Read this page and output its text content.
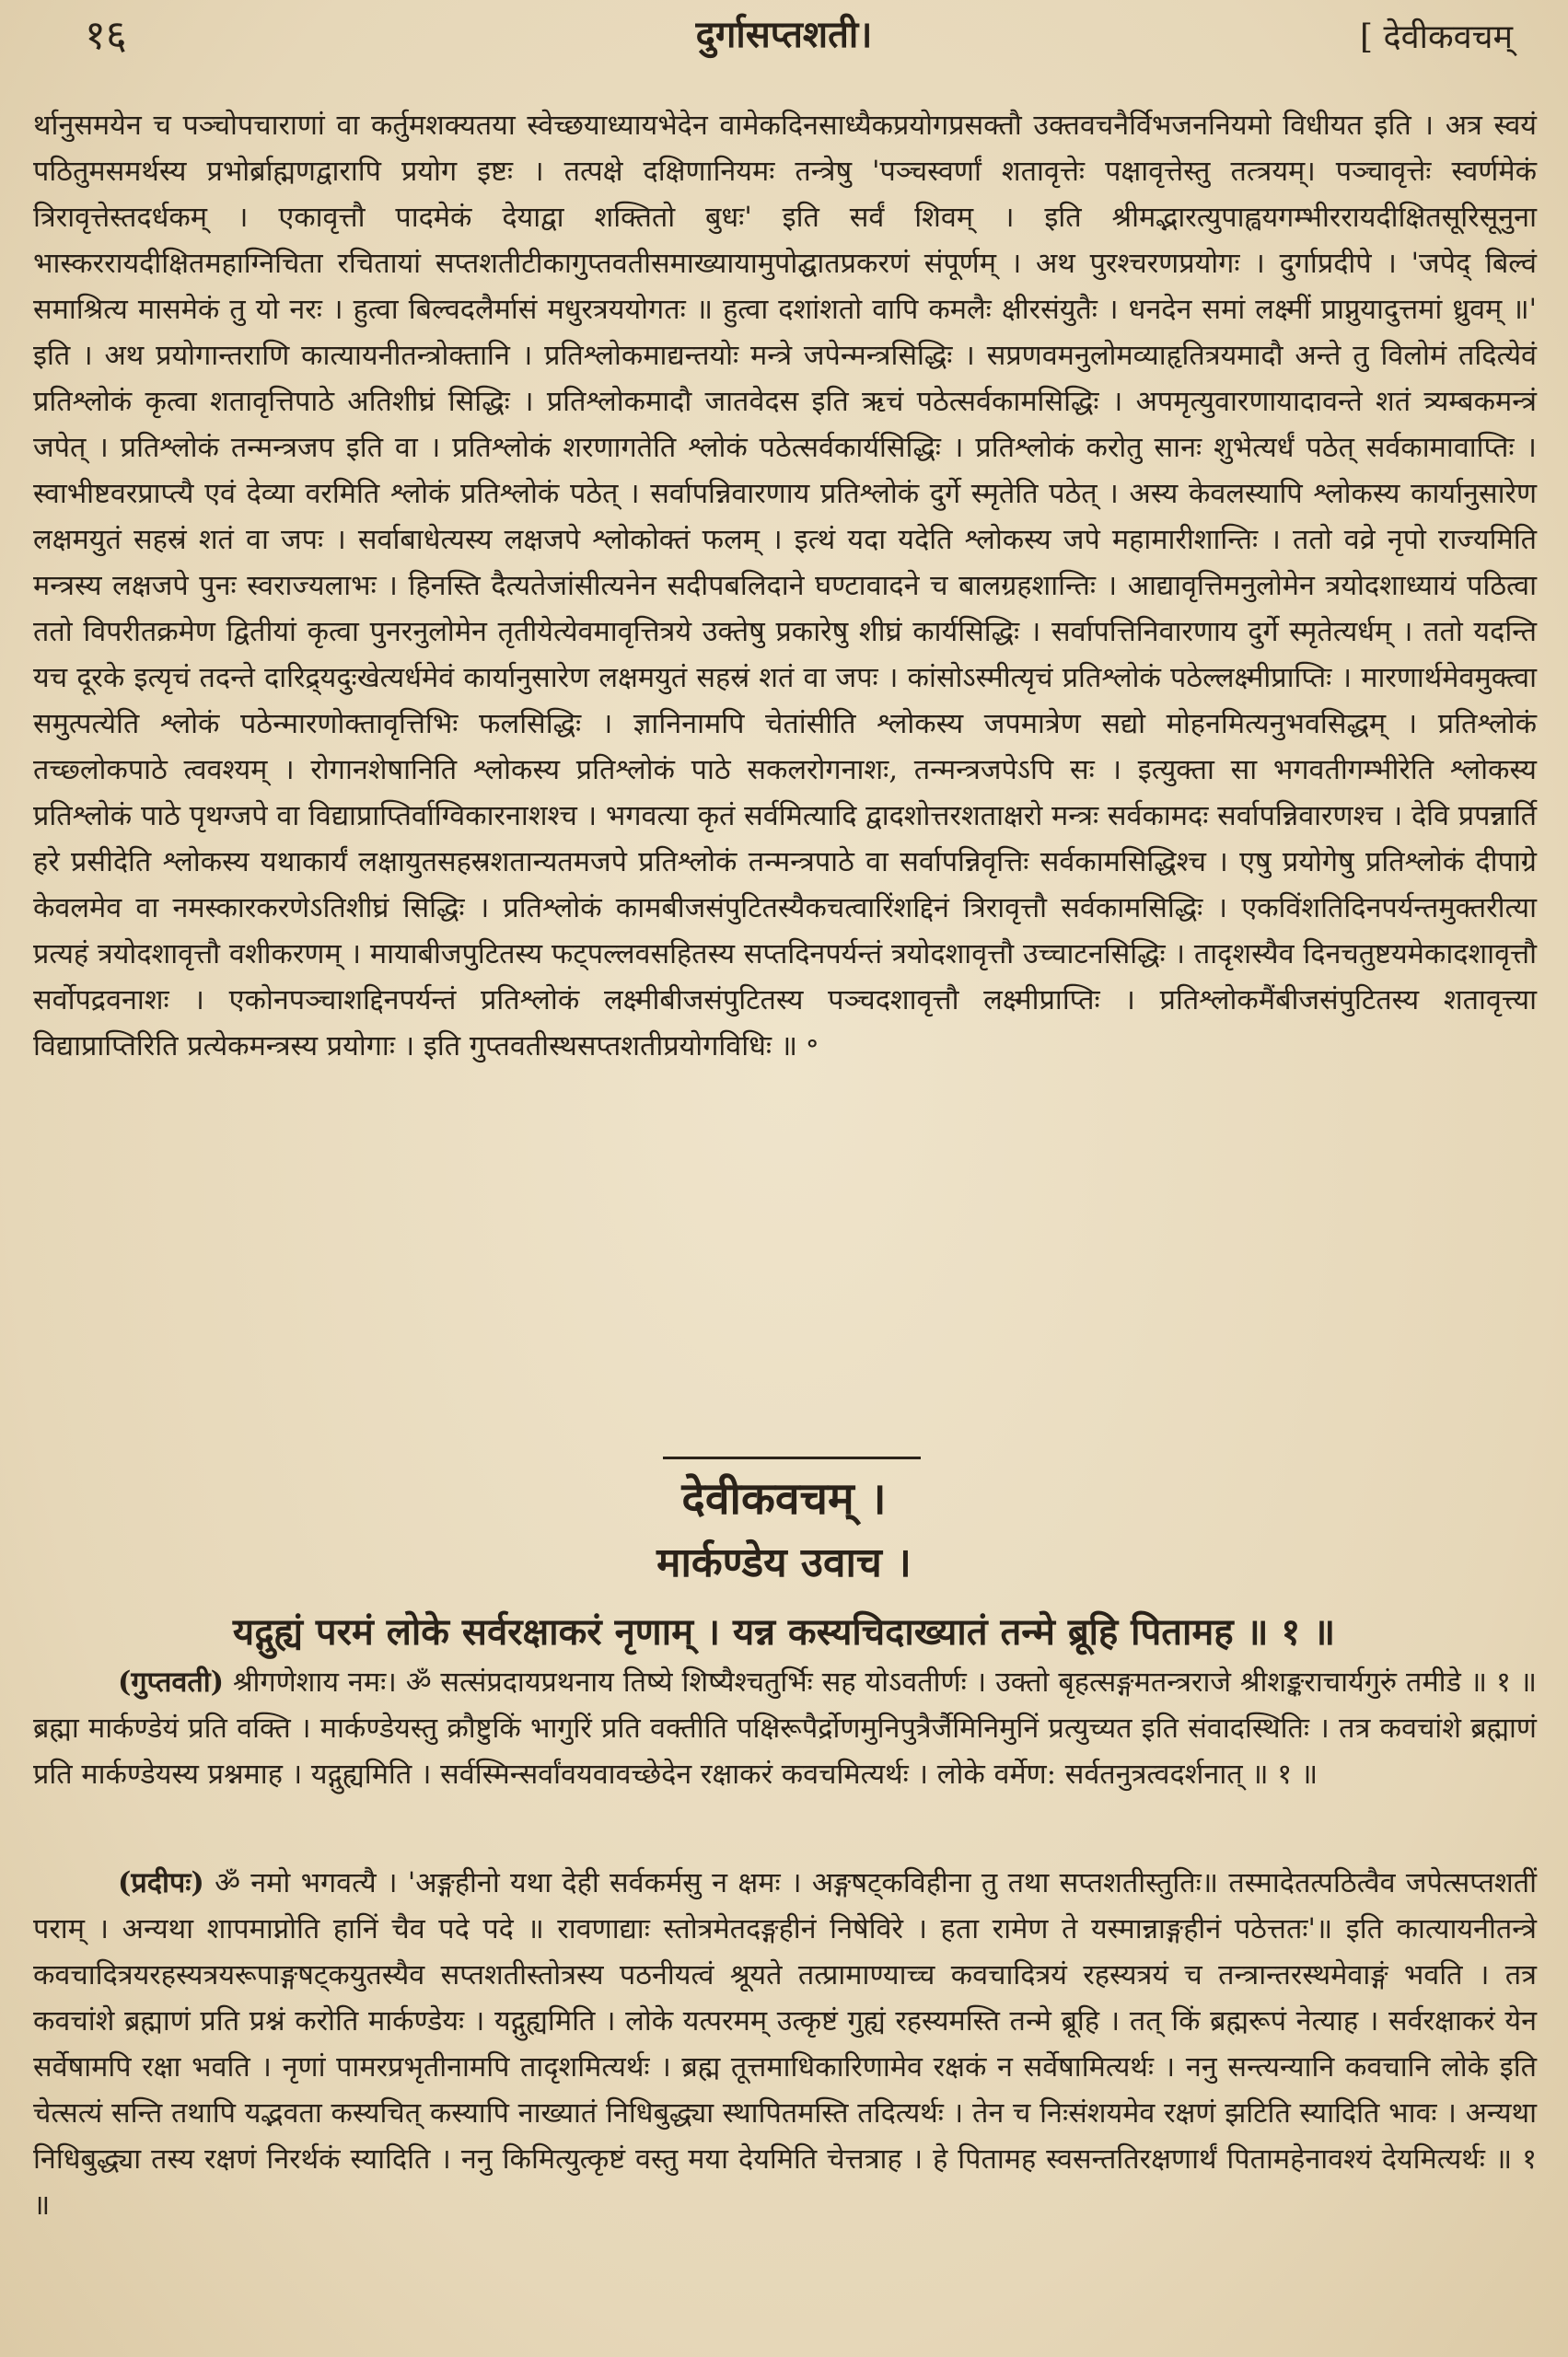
१६	दुर्गासप्तशती।	[ देवीकवचम्

र्थानुसमयेन च पञ्चोपचाराणां वा कर्तुमशक्यतया स्वेच्छयाध्यायभेदेन वामेकदिनसाध्यैकप्रयोगप्रसक्तौ उक्तवचनैर्विभजननियमो विधीयत इति । अत्र स्वयं पठितुमसमर्थस्य प्रभोर्ब्राह्मणद्वारापि प्रयोग इष्टः । तत्पक्षे दक्षिणानियमः तन्त्रेषु 'पञ्चस्वर्णां शतावृत्तेः पक्षावृत्तेस्तु तत्त्रयम्। पञ्चावृत्तेः स्वर्णमेकं त्रिरावृत्तेस्तदर्धकम् । एकावृत्तौ पादमेकं देयाद्वा शक्तितो बुधः' इति सर्वं शिवम् । इति श्रीमद्भारत्युपाह्वयगम्भीररायदीक्षितसूरिसूनुना भास्कररायदीक्षितमहाग्निचिता रचितायां सप्तशतीटीकागुप्तवतीसमाख्यायामुपोद्घातप्रकरणं संपूर्णम् । अथ पुरश्चरणप्रयोगः । दुर्गाप्रदीपे । 'जपेद् बिल्वं समाश्रित्य मासमेकं तु यो नरः । हुत्वा बिल्वदलैर्मासं मधुरत्रययोगतः ॥ हुत्वा दशांशतो वापि कमलैः क्षीरसंयुतैः । धनदेन समां लक्ष्मीं प्राप्नुयादुत्तमां ध्रुवम् ॥' इति । अथ प्रयोगान्तराणि कात्यायनीतन्त्रोक्तानि । प्रतिश्लोकमाद्यन्तयोः मन्त्रे जपेन्मन्त्रसिद्धिः । सप्रणवमनुलोमव्याहृतित्रयमादौ अन्ते तु विलोमं तदित्येवं प्रतिश्लोकं कृत्वा शतावृत्तिपाठे अतिशीघ्रं सिद्धिः । प्रतिश्लोकमादौ जातवेदस इति ऋचं पठेत्सर्वकामसिद्धिः । अपमृत्युवारणायादावन्ते शतं त्र्यम्बकमन्त्रं जपेत् । प्रतिश्लोकं तन्मन्त्रजप इति वा । प्रतिश्लोकं शरणागतेति श्लोकं पठेत्सर्वकार्यसिद्धिः । प्रतिश्लोकं करोतु सानः शुभेत्यर्धं पठेत् सर्वकामावाप्तिः । स्वाभीष्टवरप्राप्त्यै एवं देव्या वरमिति श्लोकं प्रतिश्लोकं पठेत् । सर्वापन्निवारणाय प्रतिश्लोकं दुर्गे स्मृतेति पठेत् । अस्य केवलस्यापि श्लोकस्य कार्यानुसारेण लक्षमयुतं सहस्रं शतं वा जपः । सर्वाबाधेत्यस्य लक्षजपे श्लोकोक्तं फलम् । इत्थं यदा यदेति श्लोकस्य जपे महामारीशान्तिः । ततो वव्रे नृपो राज्यमिति मन्त्रस्य लक्षजपे पुनः स्वराज्यलाभः । हिनस्ति दैत्यतेजांसीत्यनेन सदीपबलिदाने घण्टावादने च बालग्रहशान्तिः । आद्यावृत्तिमनुलोमेन त्रयोदशाध्यायं पठित्वा ततो विपरीतक्रमेण द्वितीयां कृत्वा पुनरनुलोमेन तृतीयेत्येवमावृत्तित्रये उक्तेषु प्रकारेषु शीघ्रं कार्यसिद्धिः । सर्वापत्तिनिवारणाय दुर्गे स्मृतेत्यर्धम् । ततो यदन्ति यच दूरके इत्यृचं तदन्ते दारिद्र्यदुःखेत्यर्धमेवं कार्यानुसारेण लक्षमयुतं सहस्रं शतं वा जपः । कांसोऽस्मीत्यृचं प्रतिश्लोकं पठेल्लक्ष्मीप्राप्तिः । मारणार्थमेवमुक्त्वा समुत्पत्येति श्लोकं पठेन्मारणोक्तावृत्तिभिः फलसिद्धिः । ज्ञानिनामपि चेतांसीति श्लोकस्य जपमात्रेण सद्यो मोहनमित्यनुभवसिद्धम् । प्रतिश्लोकं तच्छ्लोकपाठे त्ववश्यम् । रोगानशेषानिति श्लोकस्य प्रतिश्लोकं पाठे सकलरोगनाशः, तन्मन्त्रजपेऽपि सः । इत्युक्ता सा भगवतीगम्भीरेति श्लोकस्य प्रतिश्लोकं पाठे पृथग्जपे वा विद्याप्राप्तिर्वाग्विकारनाशश्च । भगवत्या कृतं सर्वमित्यादि द्वादशोत्तरशताक्षरो मन्त्रः सर्वकामदः सर्वापन्निवारणश्च । देवि प्रपन्नार्ति हरे प्रसीदेति श्लोकस्य यथाकार्यं लक्षायुतसहस्रशतान्यतमजपे प्रतिश्लोकं तन्मन्त्रपाठे वा सर्वापन्निवृत्तिः सर्वकामसिद्धिश्च । एषु प्रयोगेषु प्रतिश्लोकं दीपाग्रे केवलमेव वा नमस्कारकरणेऽतिशीघ्रं सिद्धिः । प्रतिश्लोकं कामबीजसंपुटितस्यैकचत्वारिंशद्दिनं त्रिरावृत्तौ सर्वकामसिद्धिः । एकविंशतिदिनपर्यन्तमुक्तरीत्या प्रत्यहं त्रयोदशावृत्तौ वशीकरणम् । मायाबीजपुटितस्य फट्पल्लवसहितस्य सप्तदिनपर्यन्तं त्रयोदशावृत्तौ उच्चाटनसिद्धिः । तादृशस्यैव दिनचतुष्टयमेकादशावृत्तौ सर्वोपद्रवनाशः । एकोनपञ्चाशद्दिनपर्यन्तं प्रतिश्लोकं लक्ष्मीबीजसंपुटितस्य पञ्चदशावृत्तौ लक्ष्मीप्राप्तिः । प्रतिश्लोकमैंबीजसंपुटितस्य शतावृत्त्या विद्याप्राप्तिरिति प्रत्येकमन्त्रस्य प्रयोगाः । इति गुप्तवतीस्थसप्तशतीप्रयोगविधिः ॥ ॰

देवीकवचम् ।
मार्कण्डेय उवाच ।
यद्गुह्यं परमं लोके सर्वरक्षाकरं नृणाम् । यन्न कस्यचिदाख्यातं तन्मे ब्रूहि पितामह ॥ १ ॥

(गुप्तवती) श्रीगणेशाय नमः। ॐ सत्संप्रदायप्रथनाय तिष्ये शिष्यैश्चतुर्भिः सह योऽवतीर्णः । उक्तो बृहत्सङ्गमतन्त्रराजे श्रीशङ्कराचार्यगुरुं तमीडे ॥ १ ॥ ब्रह्मा मार्कण्डेयं प्रति वक्ति । मार्कण्डेयस्तु क्रौष्टुकिं भागुरिं प्रति वक्तीति पक्षिरूपैर्द्रोणमुनिपुत्रैर्जैमिनिमुनिं प्रत्युच्यत इति संवादस्थितिः । तत्र कवचांशे ब्रह्माणं प्रति मार्कण्डेयस्य प्रश्नमाह । यद्गुह्यमिति । सर्वस्मिन्सर्वांवयवावच्छेदेन रक्षाकरं कवचमित्यर्थः । लोके वर्मेण: सर्वतनुत्रत्वदर्शनात् ॥ १ ॥

(प्रदीपः) ॐ नमो भगवत्यै । 'अङ्गहीनो यथा देही सर्वकर्मसु न क्षमः । अङ्गषट्कविहीना तु तथा सप्तशतीस्तुतिः॥ तस्मादेतत्पठित्वैव जपेत्सप्तशतीं पराम् । अन्यथा शापमाप्नोति हानिं चैव पदे पदे ॥ रावणाद्याः स्तोत्रमेतदङ्गहीनं निषेविरे । हता रामेण ते यस्मान्नाङ्गहीनं पठेत्ततः'॥ इति कात्यायनीतन्त्रे कवचादित्रयरहस्यत्रयरूपाङ्गषट्कयुतस्यैव सप्तशतीस्तोत्रस्य पठनीयत्वं श्रूयते तत्प्रामाण्याच्च कवचादित्रयं रहस्यत्रयं च तन्त्रान्तरस्थमेवाङ्गं भवति । तत्र कवचांशे ब्रह्माणं प्रति प्रश्नं करोति मार्कण्डेयः । यद्गुह्यमिति । लोके यत्परमम् उत्कृष्टं गुह्यं रहस्यमस्ति तन्मे ब्रूहि । तत् किं ब्रह्मरूपं नेत्याह । सर्वरक्षाकरं येन सर्वेषामपि रक्षा भवति । नृणां पामरप्रभृतीनामपि तादृशमित्यर्थः । ब्रह्म तूत्तमाधिकारिणामेव रक्षकं न सर्वेषामित्यर्थः । ननु सन्त्यन्यानि कवचानि लोके इति चेत्सत्यं सन्ति तथापि यद्भवता कस्यचित् कस्यापि नाख्यातं निधिबुद्ध्या स्थापितमस्ति तदित्यर्थः । तेन च निःसंशयमेव रक्षणं झटिति स्यादिति भावः । अन्यथा निधिबुद्ध्या तस्य रक्षणं निरर्थकं स्यादिति । ननु किमित्युत्कृष्टं वस्तु मया देयमिति चेत्तत्राह । हे पितामह स्वसन्ततिरक्षणार्थं पितामहेनावश्यं देयमित्यर्थः ॥ १ ॥
